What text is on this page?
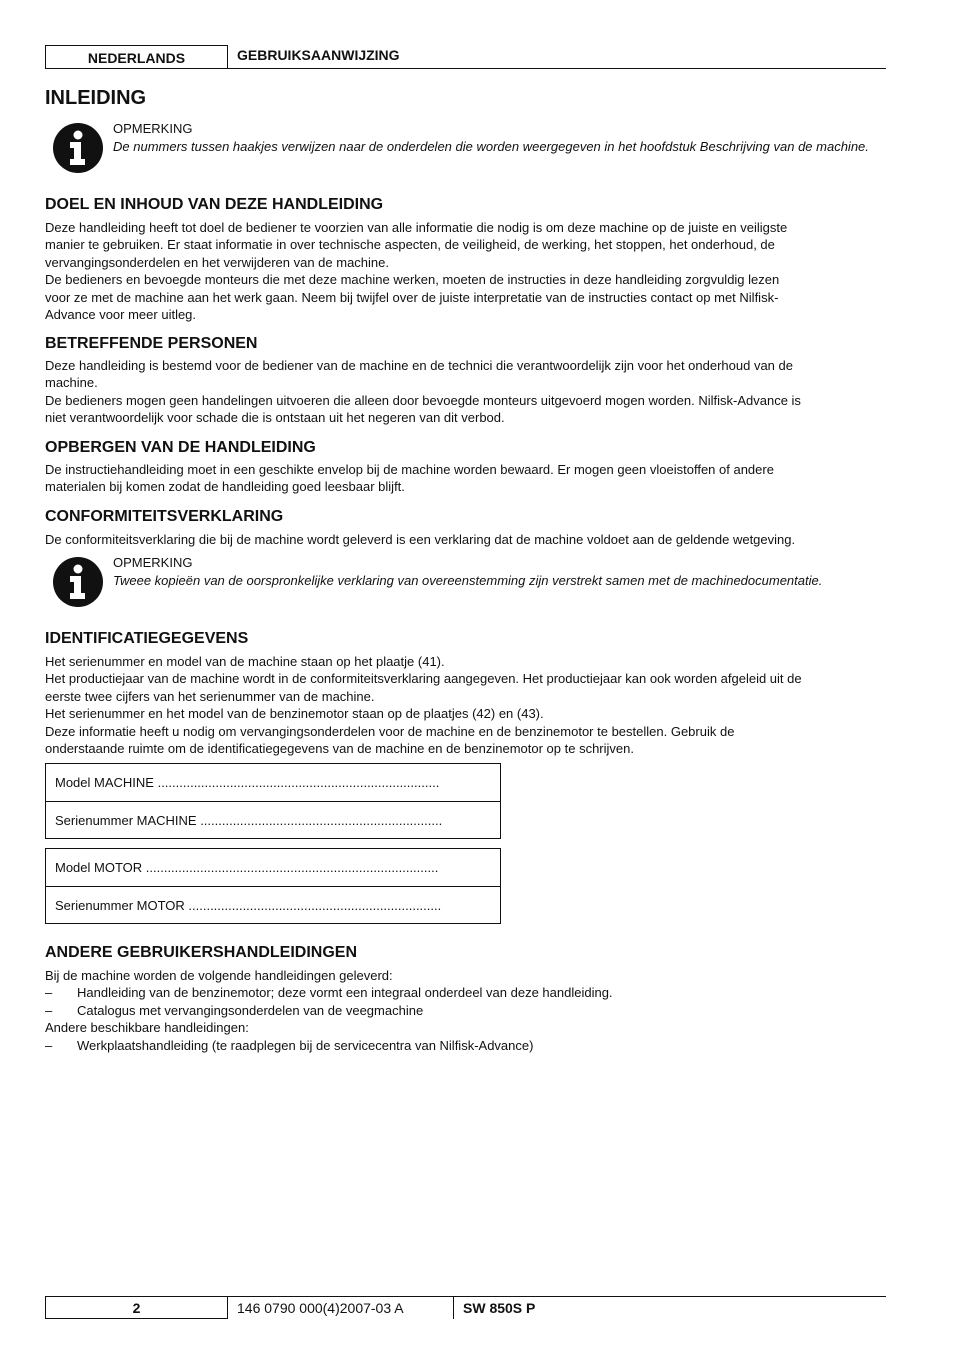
NEDERLANDS	GEBRUIKSAANWIJZING
INLEIDING
OPMERKING
De nummers tussen haakjes verwijzen naar de onderdelen die worden weergegeven in het hoofdstuk Beschrijving van de machine.
DOEL EN INHOUD VAN DEZE HANDLEIDING
Deze handleiding heeft tot doel de bediener te voorzien van alle informatie die nodig is om deze machine op de juiste en veiligste
manier te gebruiken. Er staat informatie in over technische aspecten, de veiligheid, de werking, het stoppen, het onderhoud, de
vervangingsonderdelen en het verwijderen van de machine.
De bedieners en bevoegde monteurs die met deze machine werken, moeten de instructies in deze handleiding zorgvuldig lezen
voor ze met de machine aan het werk gaan. Neem bij twijfel over de juiste interpretatie van de instructies contact op met Nilfisk-
Advance voor meer uitleg.
BETREFFENDE PERSONEN
Deze handleiding is bestemd voor de bediener van de machine en de technici die verantwoordelijk zijn voor het onderhoud van de
machine.
De bedieners mogen geen handelingen uitvoeren die alleen door bevoegde monteurs uitgevoerd mogen worden. Nilfisk-Advance is
niet verantwoordelijk voor schade die is ontstaan uit het negeren van dit verbod.
OPBERGEN VAN DE HANDLEIDING
De instructiehandleiding moet in een geschikte envelop bij de machine worden bewaard. Er mogen geen vloeistoffen of andere
materialen bij komen zodat de handleiding goed leesbaar blijft.
CONFORMITEITSVERKLARING
De conformiteitsverklaring die bij de machine wordt geleverd is een verklaring dat de machine voldoet aan de geldende wetgeving.
OPMERKING
Tweee kopieën van de oorspronkelijke verklaring van overeenstemming zijn verstrekt samen met de machinedocumentatie.
IDENTIFICATIEGEGEVENS
Het serienummer en model van de machine staan op het plaatje (41).
Het productiejaar van de machine wordt in de conformiteitsverklaring aangegeven. Het productiejaar kan ook worden afgeleid uit de
eerste twee cijfers van het serienummer van de machine.
Het serienummer en het model van de benzinemotor staan op de plaatjes (42) en (43).
Deze informatie heeft u nodig om vervangingsonderdelen voor de machine en de benzinemotor te bestellen. Gebruik de
onderstaande ruimte om de identificatiegegevens van de machine en de benzinemotor op te schrijven.
Model MACHINE ..............................................................................
Serienummer MACHINE ...................................................................
Model MOTOR .................................................................................
Serienummer MOTOR ......................................................................
ANDERE GEBRUIKERSHANDLEIDINGEN
Bij de machine worden de volgende handleidingen geleverd:
– Handleiding van de benzinemotor; deze vormt een integraal onderdeel van deze handleiding.
– Catalogus met vervangingsonderdelen van de veegmachine
Andere beschikbare handleidingen:
– Werkplaatshandleiding (te raadplegen bij de servicecentra van Nilfisk-Advance)
2	146 0790 000(4)2007-03 A	SW 850S P
